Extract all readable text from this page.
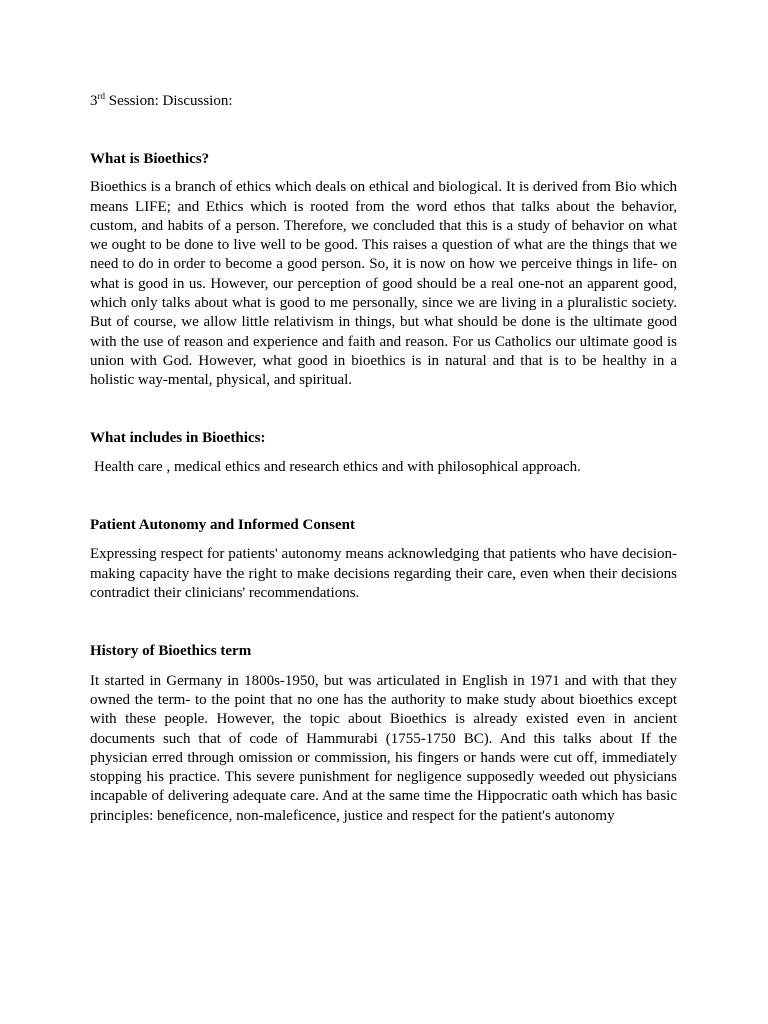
3rd Session: Discussion:

What is Bioethics?

Bioethics is a branch of ethics which deals on ethical and biological. It is derived from Bio which means LIFE; and Ethics which is rooted from the word ethos that talks about the behavior, custom, and habits of a person. Therefore, we concluded that this is a study of behavior on what we ought to be done to live well to be good. This raises a question of what are the things that we need to do in order to become a good person. So, it is now on how we perceive things in life- on what is good in us. However, our perception of good should be a real one-not an apparent good, which only talks about what is good to me personally, since we are living in a pluralistic society. But of course, we allow little relativism in things, but what should be done is the ultimate good with the use of reason and experience and faith and reason. For us Catholics our ultimate good is union with God. However, what good in bioethics is in natural and that is to be healthy in a holistic way-mental, physical, and spiritual.

What includes in Bioethics:

Health care , medical ethics and research ethics and with philosophical approach.

Patient Autonomy and Informed Consent

Expressing respect for patients' autonomy means acknowledging that patients who have decision-making capacity have the right to make decisions regarding their care, even when their decisions contradict their clinicians' recommendations.

History of Bioethics term

It started in Germany in 1800s-1950, but was articulated in English in 1971 and with that they owned the term- to the point that no one has the authority to make study about bioethics except with these people. However, the topic about Bioethics is already existed even in ancient documents such that of code of Hammurabi (1755-1750 BC). And this talks about If the physician erred through omission or commission, his fingers or hands were cut off, immediately stopping his practice. This severe punishment for negligence supposedly weeded out physicians incapable of delivering adequate care. And at the same time the Hippocratic oath which has basic principles: beneficence, non-maleficence, justice and respect for the patient's autonomy
